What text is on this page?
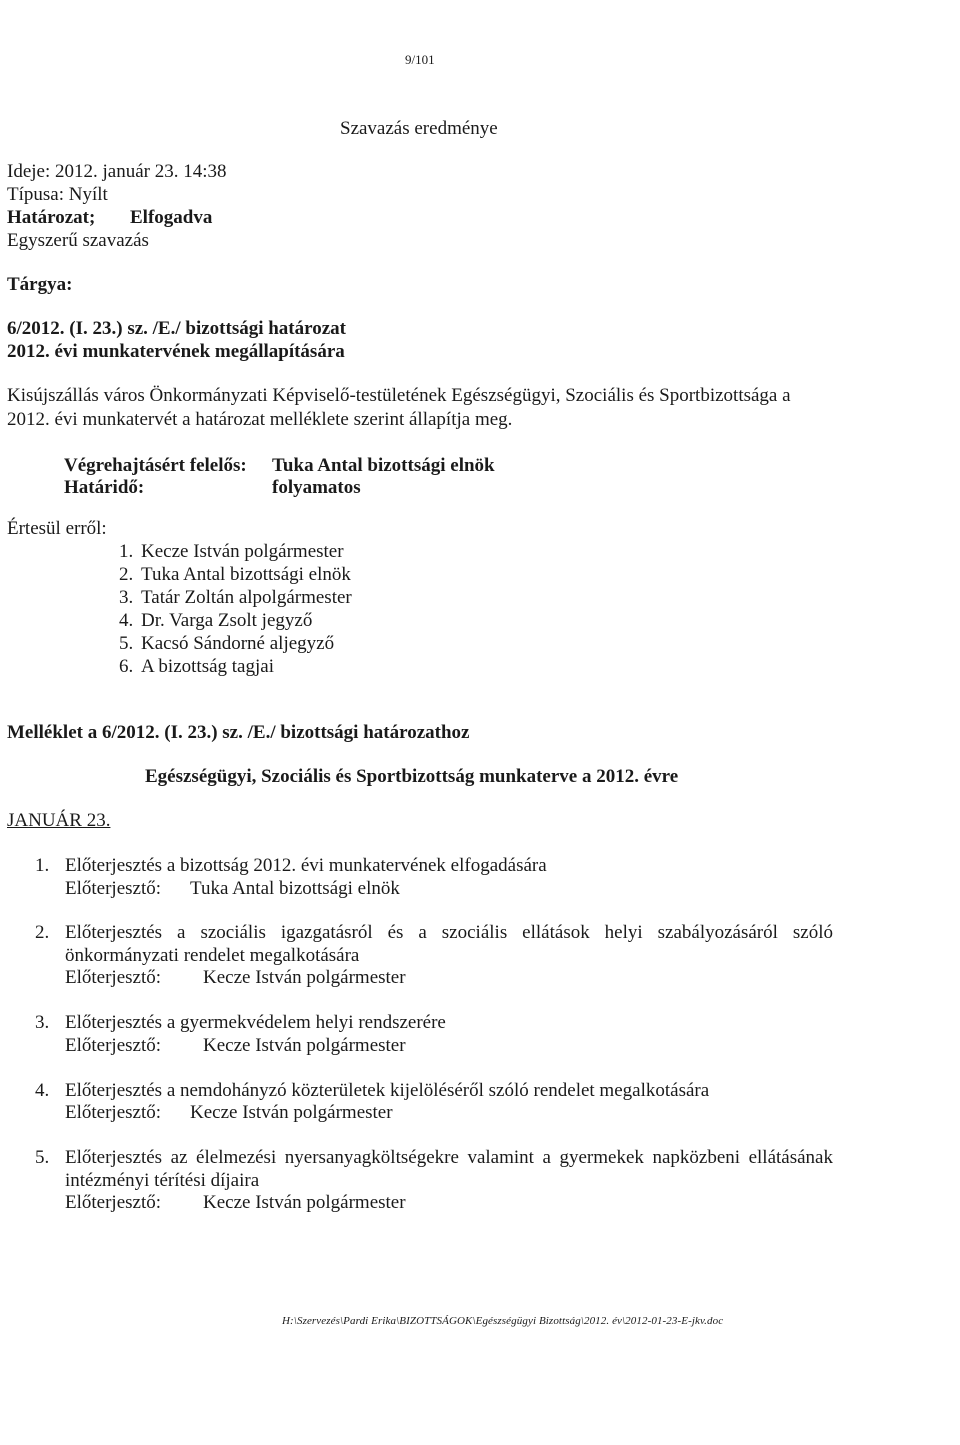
9/101
Szavazás eredménye
Ideje: 2012. január 23. 14:38
Típusa: Nyílt
Határozat; Elfogadva
Egyszerű szavazás
Tárgya:
6/2012. (I. 23.) sz. /E./ bizottsági határozat
2012. évi munkatervének megállapítására
Kisújszállás város Önkormányzati Képviselő-testületének Egészségügyi, Szociális és Sportbizottsága a
2012. évi munkatervét a határozat melléklete szerint állapítja meg.
Végrehajtásért felelős: Tuka Antal bizottsági elnök
Határidő:	folyamatos
Értesül erről:
1. Kecze István polgármester
2. Tuka Antal bizottsági elnök
3. Tatár Zoltán alpolgármester
4. Dr. Varga Zsolt jegyző
5. Kacsó Sándorné aljegyző
6. A bizottság tagjai
Melléklet a 6/2012. (I. 23.) sz. /E./ bizottsági határozathoz
Egészségügyi, Szociális és Sportbizottság munkaterve a 2012. évre
JANUÁR 23.
1. Előterjesztés a bizottság 2012. évi munkatervének elfogadására
Előterjesztő: Tuka Antal bizottsági elnök
2. Előterjesztés a szociális igazgatásról és a szociális ellátások helyi szabályozásáról szóló
önkormányzati rendelet megalkotására
Előterjesztő: Kecze István polgármester
3. Előterjesztés a gyermekvédelem helyi rendszerére
Előterjesztő: Kecze István polgármester
4. Előterjesztés a nemdohányzó közterületek kijelöléséről szóló rendelet megalkotására
Előterjesztő: Kecze István polgármester
5. Előterjesztés az élelmezési nyersanyagköltségekre valamint a gyermekek napközbeni ellátásának
intézményi térítési díjaira
Előterjesztő: Kecze István polgármester
H:\Szervezés\Pardi Erika\BIZOTTSÁGOK\Egészségügyi Bizottság\2012. év\2012-01-23-E-jkv.doc
